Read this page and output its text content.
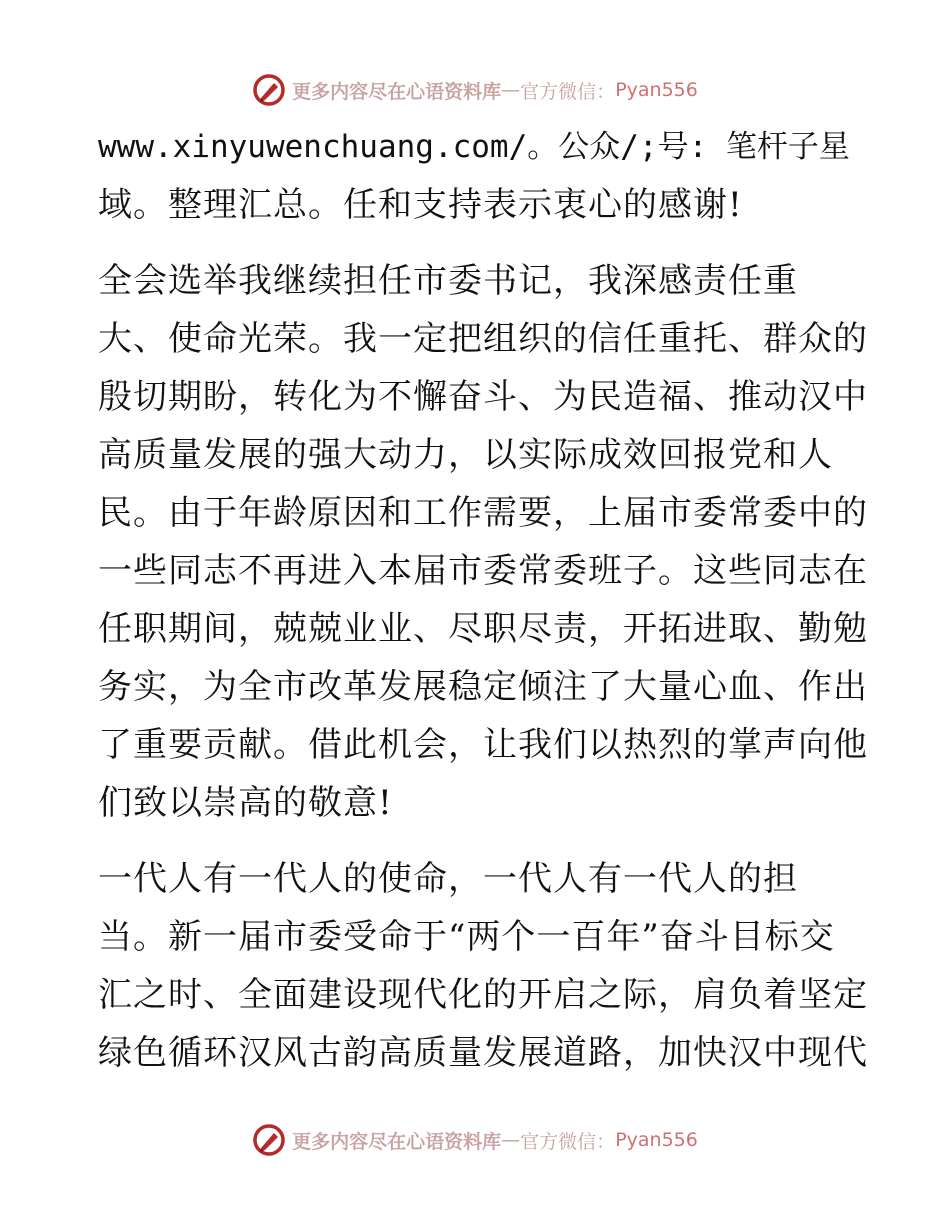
更多内容尽在心语资料库 — 官方微信： Pyan556
www.xinyuwenchuang.com/。公众/;号: 笔杆子星
域。整理汇总。任和支持表示衷心的感谢!
全会选举我继续担任市委书记，我深感责任重
大、使命光荣。我一定把组织的信任重托、群众的
殷切期盼，转化为不懈奋斗、为民造福、推动汉中
高质量发展的强大动力，以实际成效回报党和人
民。由于年龄原因和工作需要，上届市委常委中的
一些同志不再进入本届市委常委班子。这些同志在
任职期间，兢兢业业、尽职尽责，开拓进取、勤勉
务实，为全市改革发展稳定倾注了大量心血、作出
了重要贡献。借此机会，让我们以热烈的掌声向他
们致以崇高的敬意!
一代人有一代人的使命，一代人有一代人的担
当。新一届市委受命于“两个一百年”奋斗目标交
汇之时、全面建设现代化的开启之际，肩负着坚定
绿色循环汉风古韵高质量发展道路，加快汉中现代
更多内容尽在心语资料库 — 官方微信： Pyan556
